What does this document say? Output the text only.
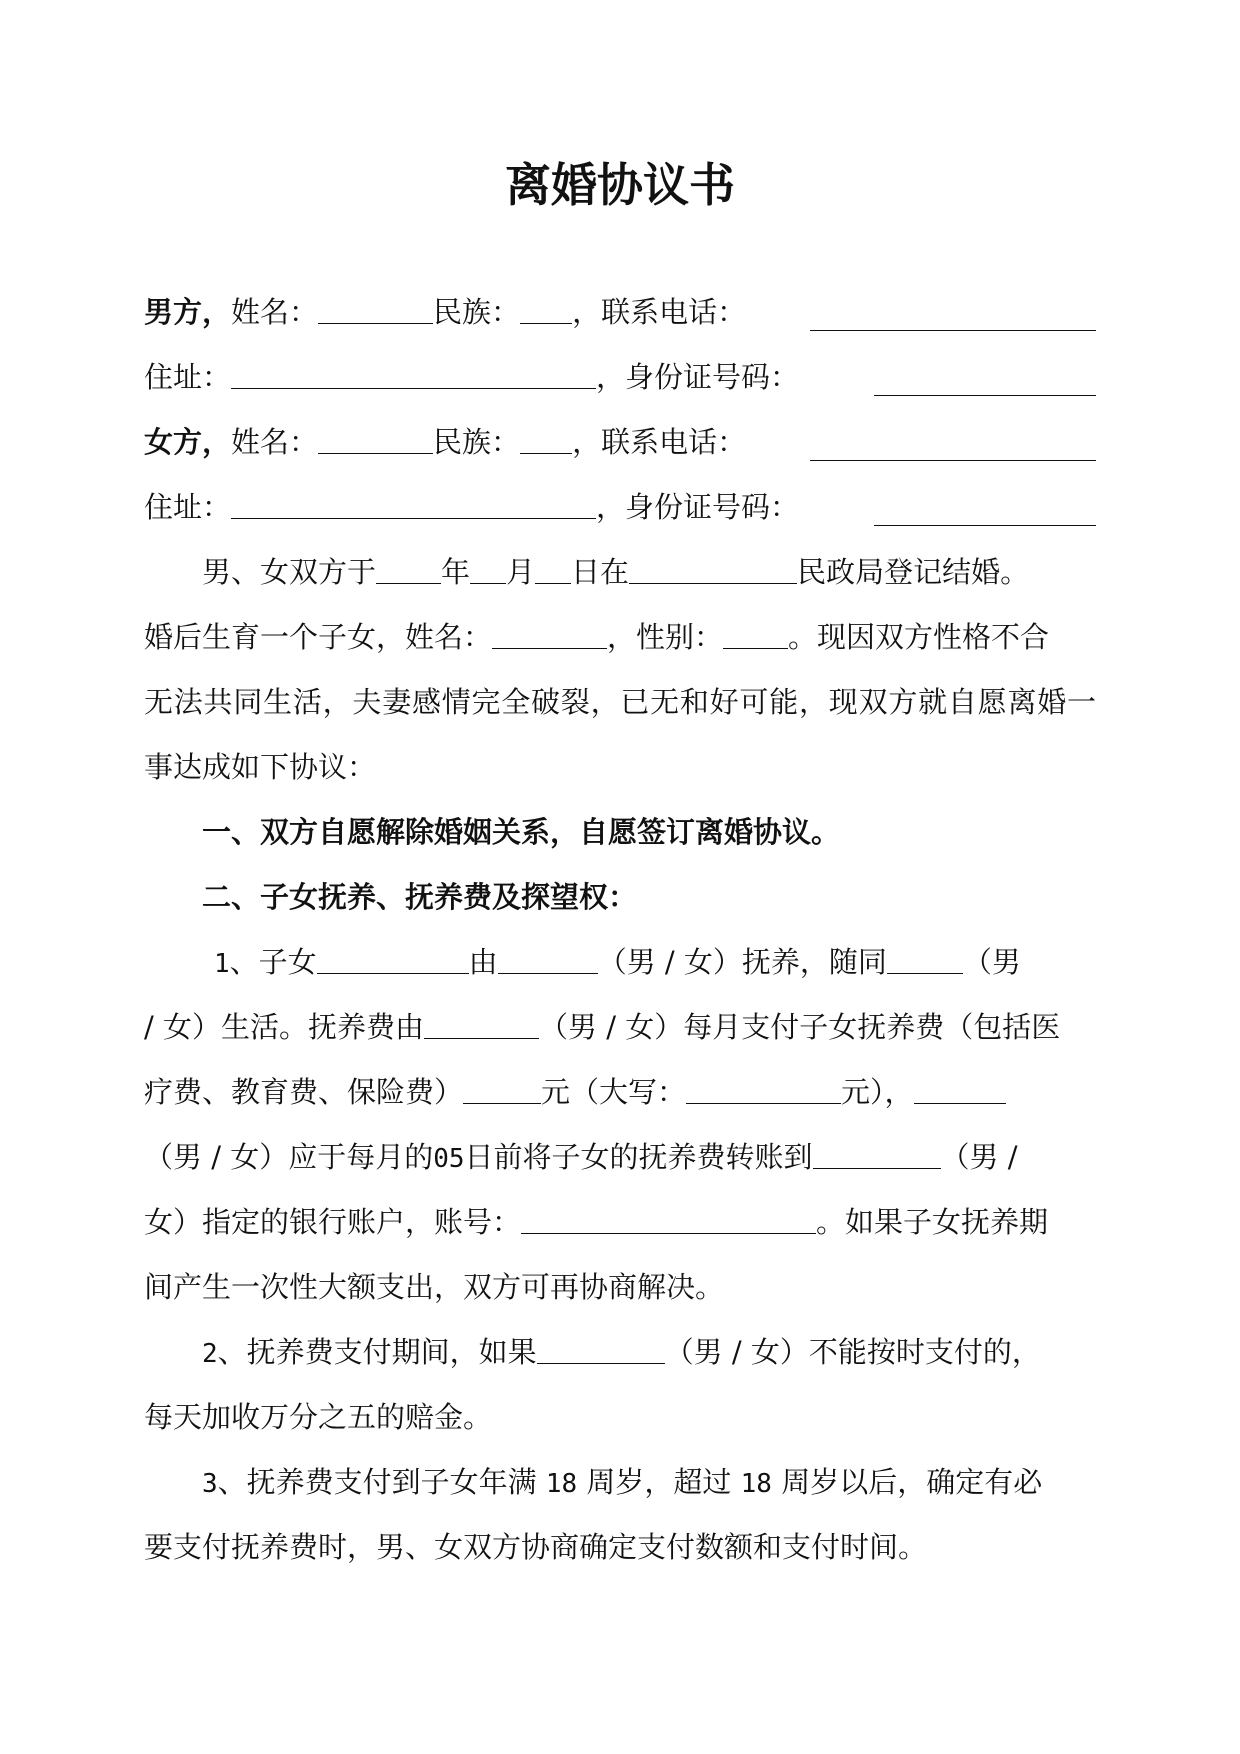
离婚协议书
男方，姓名：	民族： ，联系电话：
住址：	，身份证号码：
女方，姓名：	民族： ，联系电话：
住址：	，身份证号码：
男、女双方于 年 月 日在	民政局登记结婚。
婚后生育一个子女，姓名：	，性别： 。现因双方性格不合
无法共同生活，夫妻感情完全破裂，已无和好可能，现双方就自愿离婚一
事达成如下协议：
一、双方自愿解除婚姻关系，自愿签订离婚协议。
二、子女抚养、抚养费及探望权：
1、子女	由	（男 / 女）抚养，随同	（男
/ 女）生活。抚养费由	（男 / 女）每月支付子女抚养费（包括医
疗费、教育费、保险费）	元（大写：	元），
（男 / 女）应于每月的05日前将子女的抚养费转账到	（男 /
女）指定的银行账户，账号：	。如果子女抚养期
间产生一次性大额支出，双方可再协商解决。
2、抚养费支付期间，如果	（男 / 女）不能按时支付的，
每天加收万分之五的赔金。
3、抚养费支付到子女年满 18 周岁，超过 18 周岁以后，确定有必
要支付抚养费时，男、女双方协商确定支付数额和支付时间。
